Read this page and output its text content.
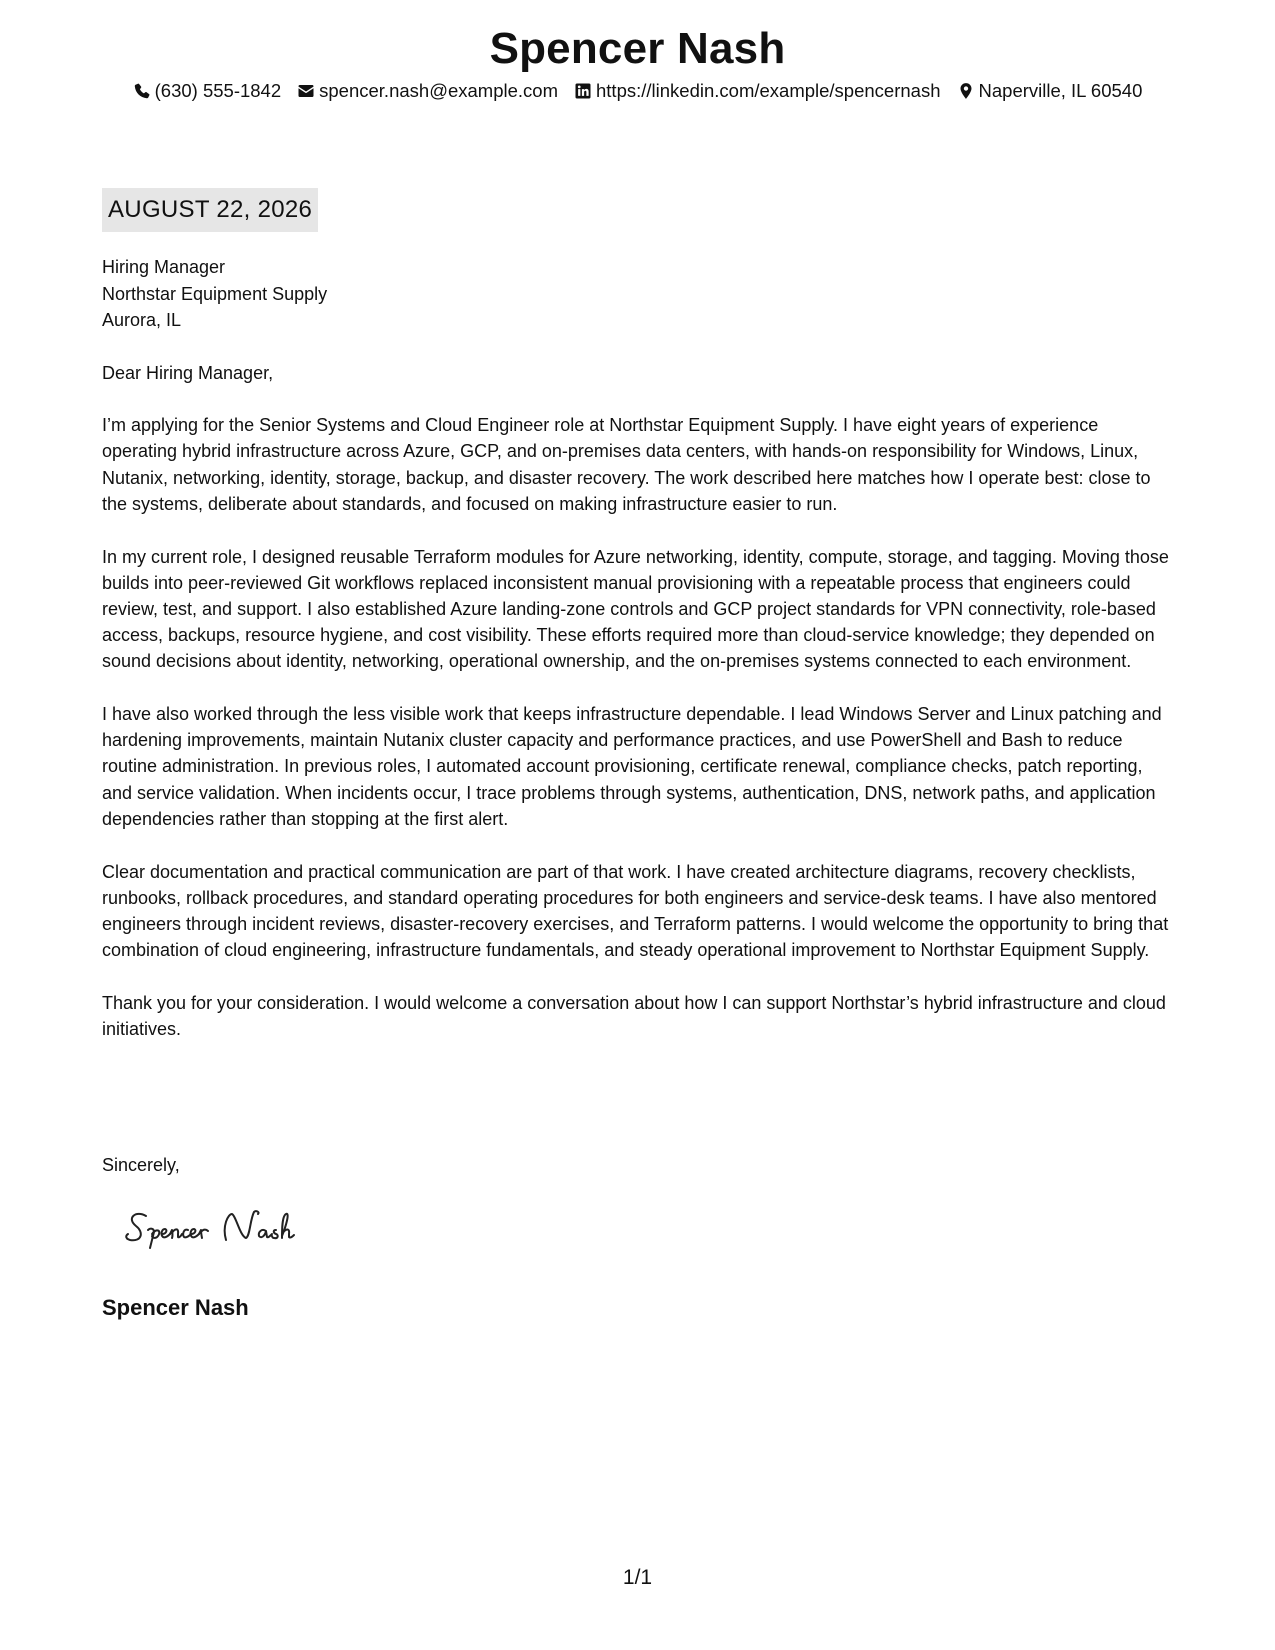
Spencer Nash
(630) 555-1842 spencer.nash@example.com https://linkedin.com/example/spencernash Naperville, IL 60540
AUGUST 22, 2026
Hiring Manager
Northstar Equipment Supply
Aurora, IL

Dear Hiring Manager,

I’m applying for the Senior Systems and Cloud Engineer role at Northstar Equipment Supply. I have eight years of experience operating hybrid infrastructure across Azure, GCP, and on-premises data centers, with hands-on responsibility for Windows, Linux, Nutanix, networking, identity, storage, backup, and disaster recovery. The work described here matches how I operate best: close to the systems, deliberate about standards, and focused on making infrastructure easier to run.

In my current role, I designed reusable Terraform modules for Azure networking, identity, compute, storage, and tagging. Moving those builds into peer-reviewed Git workflows replaced inconsistent manual provisioning with a repeatable process that engineers could review, test, and support. I also established Azure landing-zone controls and GCP project standards for VPN connectivity, role-based access, backups, resource hygiene, and cost visibility. These efforts required more than cloud-service knowledge; they depended on sound decisions about identity, networking, operational ownership, and the on-premises systems connected to each environment.

I have also worked through the less visible work that keeps infrastructure dependable. I lead Windows Server and Linux patching and hardening improvements, maintain Nutanix cluster capacity and performance practices, and use PowerShell and Bash to reduce routine administration. In previous roles, I automated account provisioning, certificate renewal, compliance checks, patch reporting, and service validation. When incidents occur, I trace problems through systems, authentication, DNS, network paths, and application dependencies rather than stopping at the first alert.

Clear documentation and practical communication are part of that work. I have created architecture diagrams, recovery checklists, runbooks, rollback procedures, and standard operating procedures for both engineers and service-desk teams. I have also mentored engineers through incident reviews, disaster-recovery exercises, and Terraform patterns. I would welcome the opportunity to bring that combination of cloud engineering, infrastructure fundamentals, and steady operational improvement to Northstar Equipment Supply.

Thank you for your consideration. I would welcome a conversation about how I can support Northstar’s hybrid infrastructure and cloud initiatives.

Sincerely,
Spencer Nash
1/1
